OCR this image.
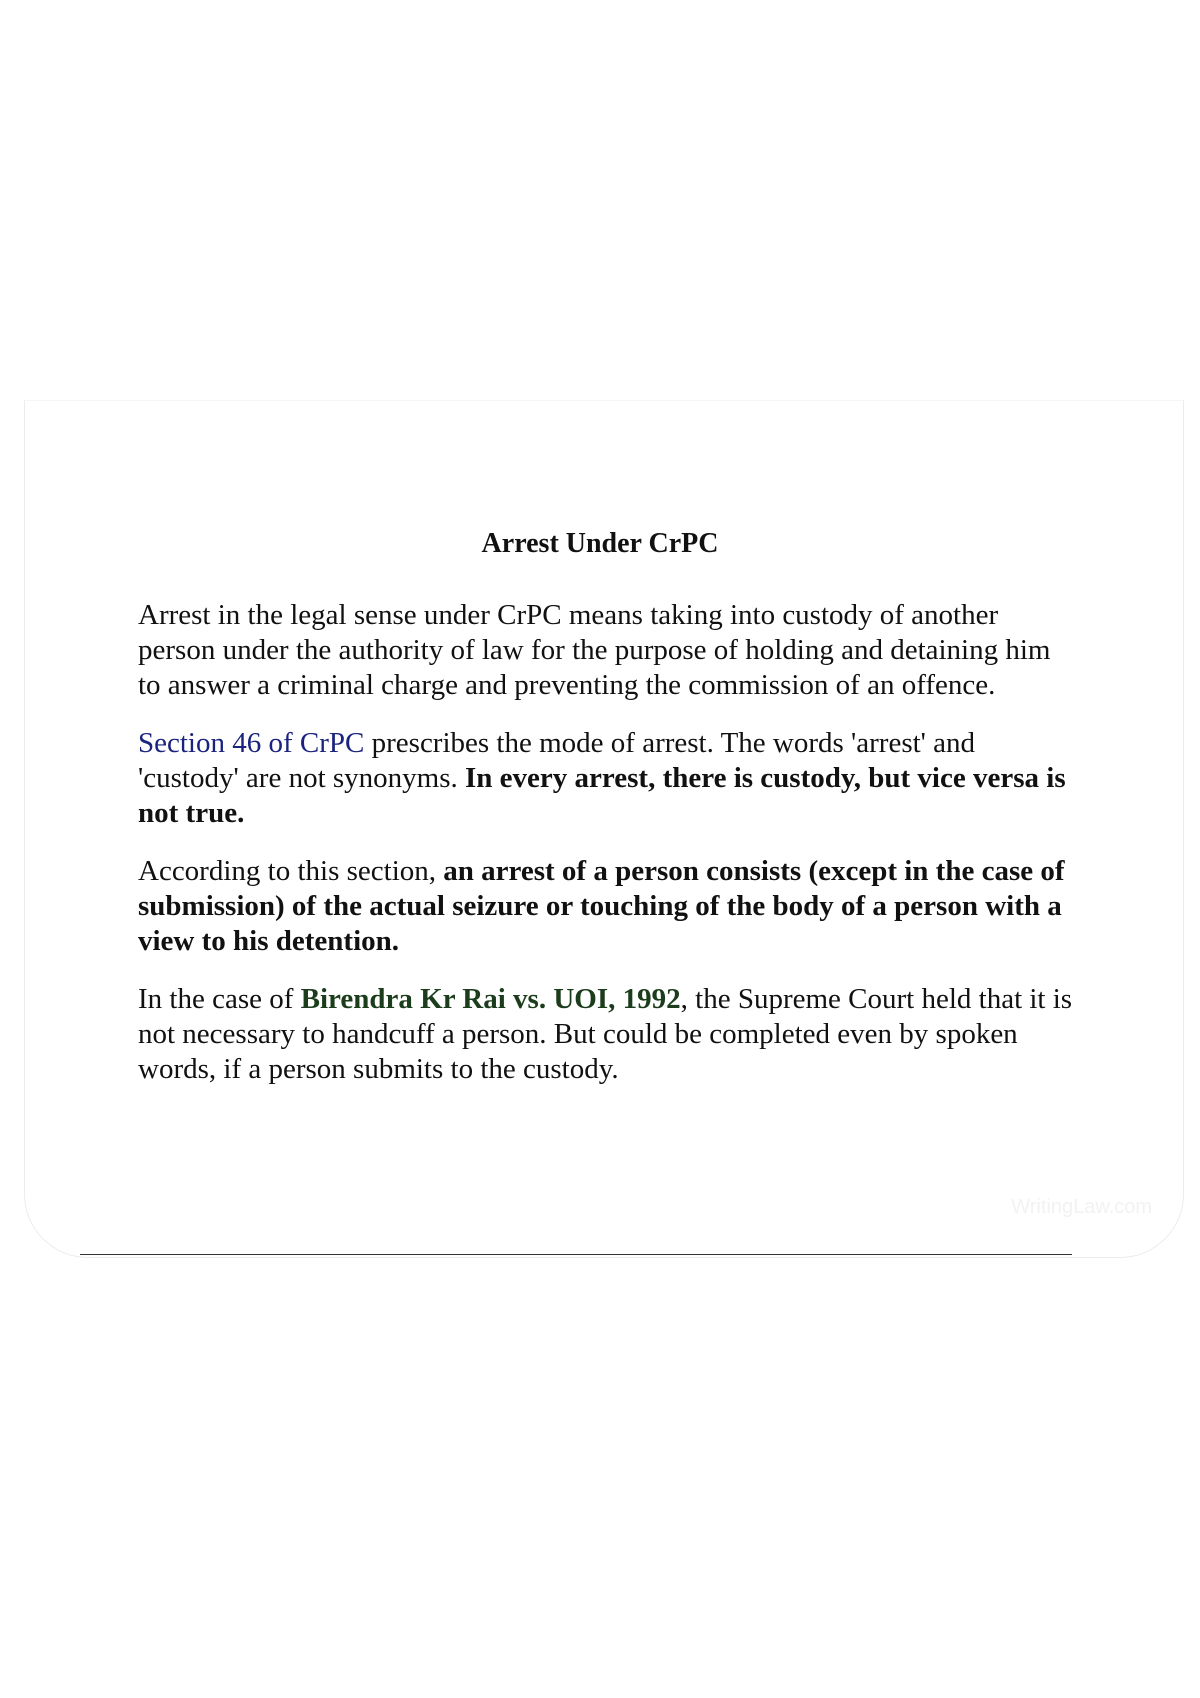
Arrest Under CrPC

Arrest in the legal sense under CrPC means taking into custody of another person under the authority of law for the purpose of holding and detaining him to answer a criminal charge and preventing the commission of an offence.

Section 46 of CrPC prescribes the mode of arrest. The words 'arrest' and 'custody' are not synonyms. In every arrest, there is custody, but vice versa is not true.

According to this section, an arrest of a person consists (except in the case of submission) of the actual seizure or touching of the body of a person with a view to his detention.

In the case of Birendra Kr Rai vs. UOI, 1992, the Supreme Court held that it is not necessary to handcuff a person. But could be completed even by spoken words, if a person submits to the custody.

WritingLaw.com
